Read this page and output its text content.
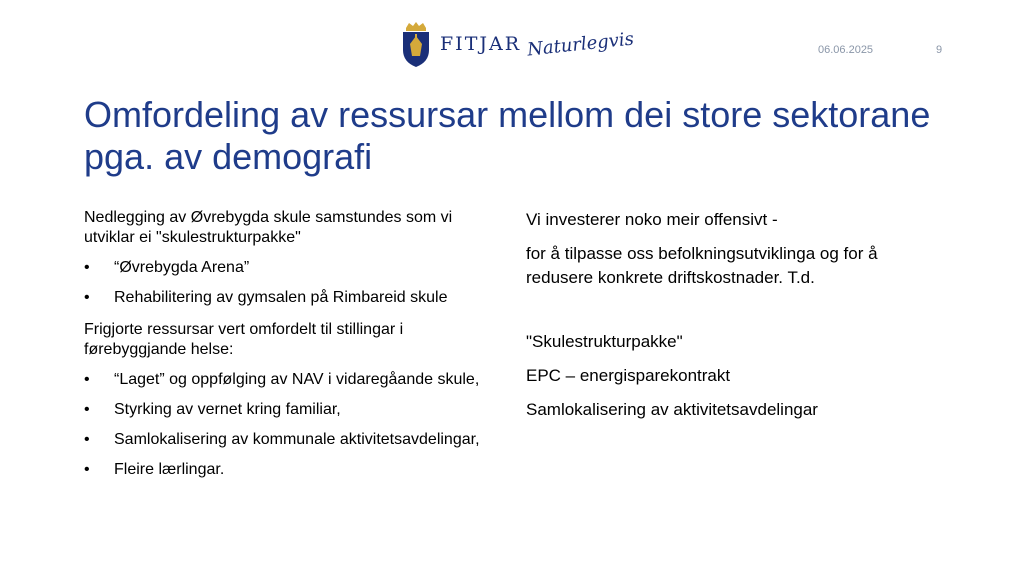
FITJAR Naturlegvis	06.06.2025	9
Omfordeling av ressursar mellom dei store sektorane pga. av demografi

Nedlegging av Øvrebygda skule samstundes som vi utviklar ei "skulestrukturpakke"

•	“Øvrebygda Arena”
•	Rehabilitering av gymsalen på Rimbareid skule

Frigjorte ressursar vert omfordelt til stillingar i førebyggjande helse:

•	“Laget” og oppfølging av NAV i vidaregåande skule,
•	Styrking av vernet kring familiar,
•	Samlokalisering av kommunale aktivitetsavdelingar,
•	Fleire lærlingar.

Vi investerer noko meir offensivt -

for å tilpasse oss befolkningsutviklinga og for å redusere konkrete driftskostnader. T.d.

"Skulestrukturpakke"

EPC – energisparekontrakt

Samlokalisering av aktivitetsavdelingar
